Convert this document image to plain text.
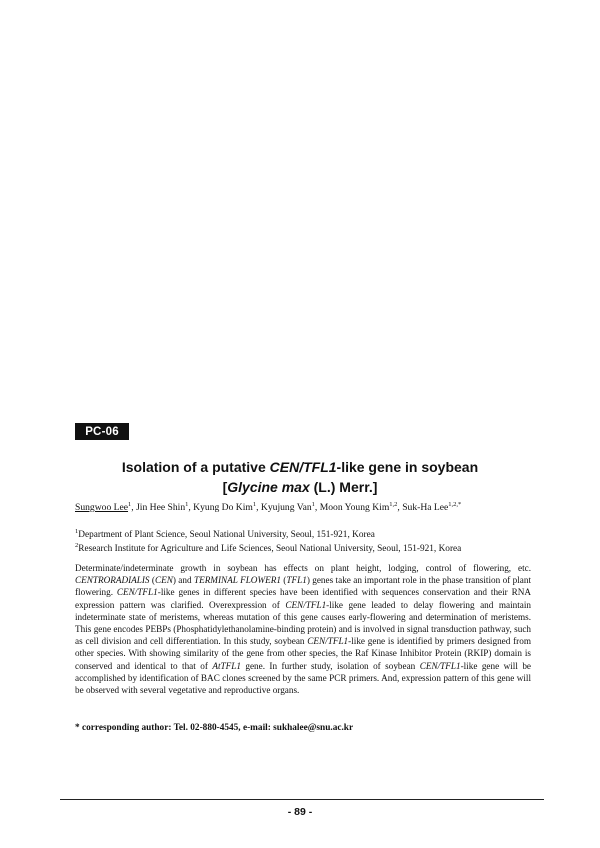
PC-06
Isolation of a putative CEN/TFL1-like gene in soybean
[Glycine max (L.) Merr.]
Sungwoo Lee$^1$, Jin Hee Shin$^1$, Kyung Do Kim$^1$, Kyujung Van$^1$, Moon Young Kim$^{1,2}$, Suk-Ha Lee$^{1,2,*}$
$^1$Department of Plant Science, Seoul National University, Seoul, 151-921, Korea
$^2$Research Institute for Agriculture and Life Sciences, Seoul National University, Seoul, 151-921, Korea
Determinate/indeterminate growth in soybean has effects on plant height, lodging, control of flowering, etc. CENTRORADIALIS (CEN) and TERMINAL FLOWER1 (TFL1) genes take an important role in the phase transition of plant flowering. CEN/TFL1-like genes in different species have been identified with sequences conservation and their RNA expression pattern was clarified. Overexpression of CEN/TFL1-like gene leaded to delay flowering and maintain indeterminate state of meristems, whereas mutation of this gene causes early-flowering and determination of meristems. This gene encodes PEBPs (Phosphatidylethanolamine-binding protein) and is involved in signal transduction pathway, such as cell division and cell differentiation. In this study, soybean CEN/TFL1-like gene is identified by primers designed from other species. With showing similarity of the gene from other species, the Raf Kinase Inhibitor Protein (RKIP) domain is conserved and identical to that of AtTFL1 gene. In further study, isolation of soybean CEN/TFL1-like gene will be accomplished by identification of BAC clones screened by the same PCR primers. And, expression pattern of this gene will be observed with several vegetative and reproductive organs.
* corresponding author: Tel. 02-880-4545, e-mail: sukhalee@snu.ac.kr
- 89 -
